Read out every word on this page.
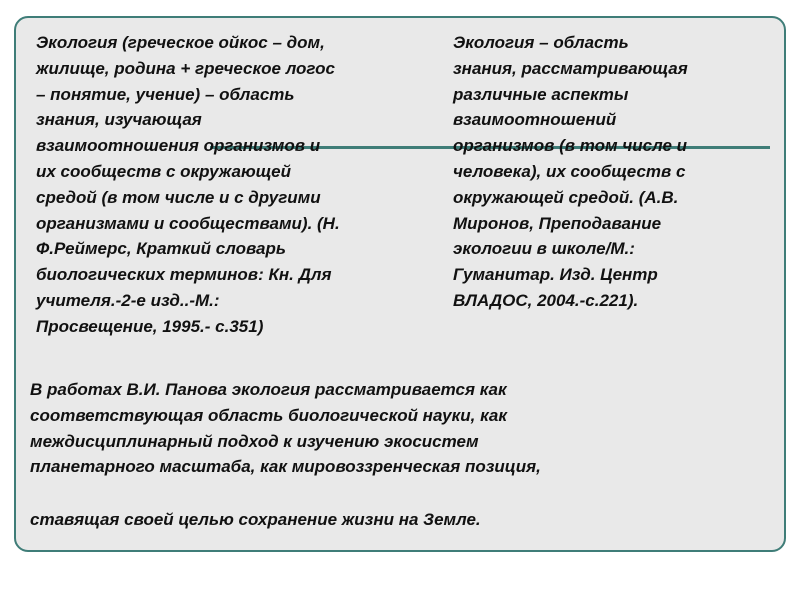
Экология (греческое ойкос – дом,
жилище, родина + греческое логос
– понятие, учение) – область
знания, изучающая
взаимоотношения организмов и
их сообществ с окружающей
средой (в том числе и с другими
организмами и сообществами). (Н.
Ф.Реймерс, Краткий словарь
биологических терминов: Кн. Для
учителя.-2-е изд..-М.:
Просвещение, 1995.- с.351)

Экология – область
знания, рассматривающая
различные аспекты
взаимоотношений
организмов (в том числе и
человека), их сообществ с
окружающей средой. (А.В.
Миронов, Преподавание
экологии в школе/М.:
Гуманитар. Изд. Центр
ВЛАДОС, 2004.-с.221).

В работах В.И. Панова экология рассматривается как
соответствующая область биологической науки, как
междисциплинарный подход к изучению экосистем
планетарного масштаба, как мировоззренческая позиция,

ставящая своей целью сохранение жизни на Земле.
